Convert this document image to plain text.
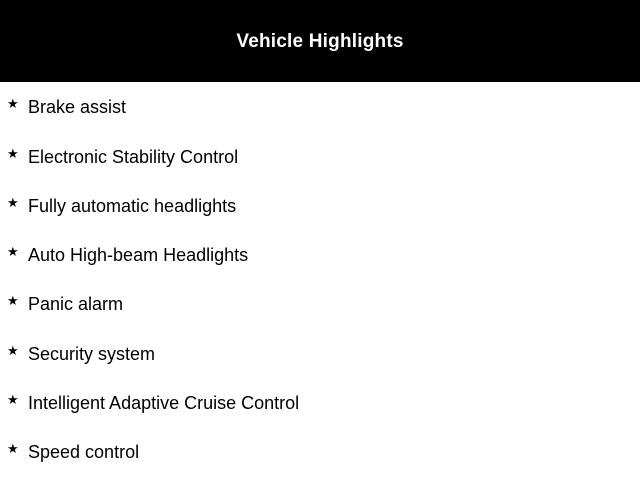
Vehicle Highlights
★ Brake assist
★ Electronic Stability Control
★ Fully automatic headlights
★ Auto High-beam Headlights
★ Panic alarm
★ Security system
★ Intelligent Adaptive Cruise Control
★ Speed control
